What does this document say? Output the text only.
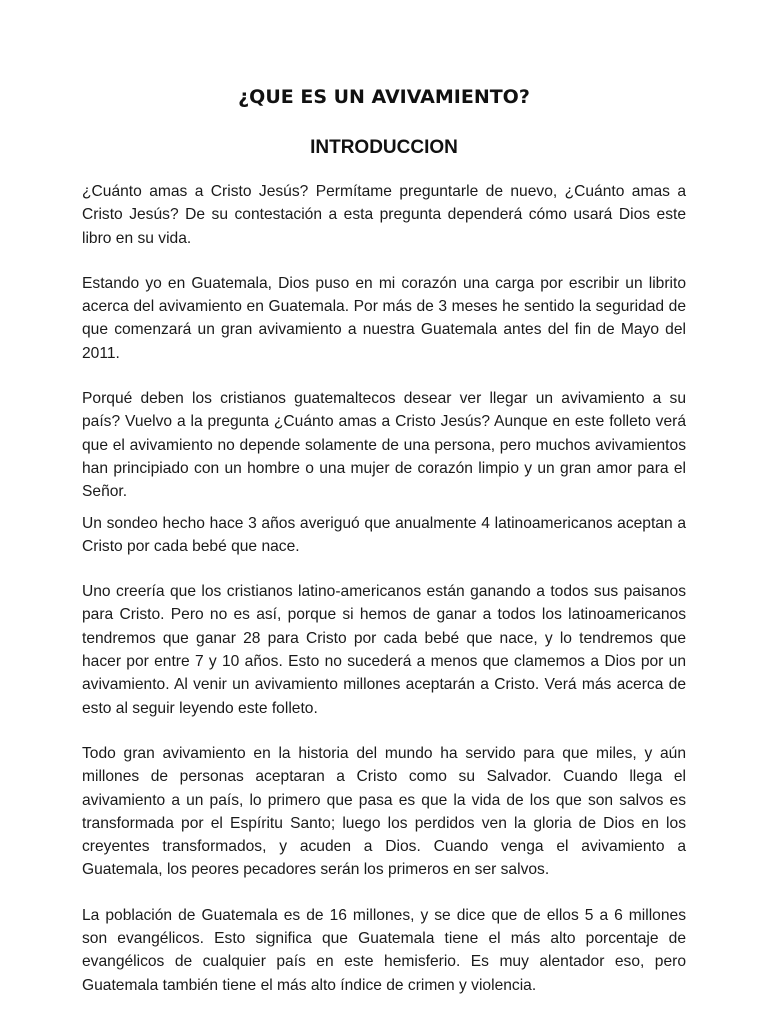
¿QUE ES UN AVIVAMIENTO?
INTRODUCCION

¿Cuánto amas a Cristo Jesús? Permítame preguntarle de nuevo, ¿Cuánto amas a Cristo Jesús? De su contestación a esta pregunta dependerá cómo usará Dios este libro en su vida.

Estando yo en Guatemala, Dios puso en mi corazón una carga por escribir un librito acerca del avivamiento en Guatemala. Por más de 3 meses he sentido la seguridad de que comenzará un gran avivamiento a nuestra Guatemala antes del fin de Mayo del 2011.

Porqué deben los cristianos guatemaltecos desear ver llegar un avivamiento a su país? Vuelvo a la pregunta ¿Cuánto amas a Cristo Jesús? Aunque en este folleto verá que el avivamiento no depende solamente de una persona, pero muchos avivamientos han principiado con un hombre o una mujer de corazón limpio y un gran amor para el Señor.

Un sondeo hecho hace 3 años averiguó que anualmente 4 latinoamericanos aceptan a Cristo por cada bebé que nace.

Uno creería que los cristianos latino-americanos están ganando a todos sus paisanos para Cristo. Pero no es así, porque si hemos de ganar a todos los latinoamericanos tendremos que ganar 28 para Cristo por cada bebé que nace, y lo tendremos que hacer por entre 7 y 10 años. Esto no sucederá a menos que clamemos a Dios por un avivamiento. Al venir un avivamiento millones aceptarán a Cristo. Verá más acerca de esto al seguir leyendo este folleto.

Todo gran avivamiento en la historia del mundo ha servido para que miles, y aún millones de personas aceptaran a Cristo como su Salvador. Cuando llega el avivamiento a un país, lo primero que pasa es que la vida de los que son salvos es transformada por el Espíritu Santo; luego los perdidos ven la gloria de Dios en los creyentes transformados, y acuden a Dios. Cuando venga el avivamiento a Guatemala, los peores pecadores serán los primeros en ser salvos.

La población de Guatemala es de 16 millones, y se dice que de ellos 5 a 6 millones son evangélicos. Esto significa que Guatemala tiene el más alto porcentaje de evangélicos de cualquier país en este hemisferio. Es muy alentador eso, pero Guatemala también tiene el más alto índice de crimen y violencia.
